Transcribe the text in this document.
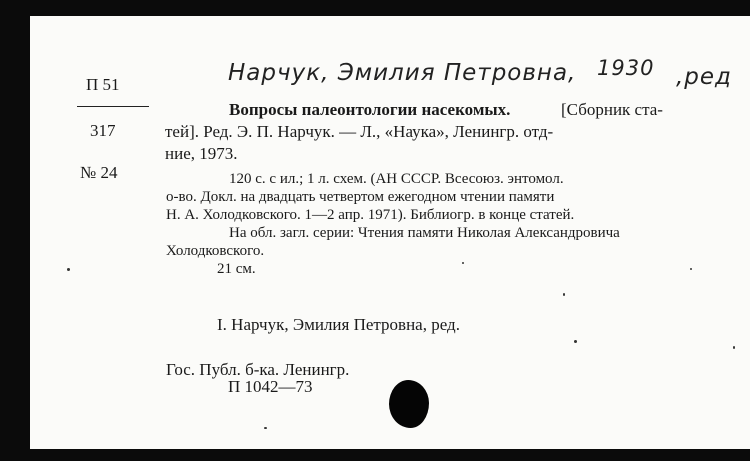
П 51
317
№ 24
Нарчук, Эмилия Петровна, 1930 ,ред
Вопросы палеонтологии насекомых.	[Сборник ста-
тей]. Ред. Э. П. Нарчук. — Л., «Наука», Ленингр. отд-
ние, 1973.
120 с. с ил.; 1 л. схем. (АН СССР. Всесоюз. энтомол.
о-во. Докл. на двадцать четвертом ежегодном чтении памяти
Н. А. Холодковского. 1—2 апр. 1971). Библиогр. в конце статей.
На обл. загл. серии: Чтения памяти Николая Александровича
Холодковского.
21 см.
I. Нарчук, Эмилия Петровна, ред.
Гос. Публ. б-ка. Ленингр.
П 1042—73
